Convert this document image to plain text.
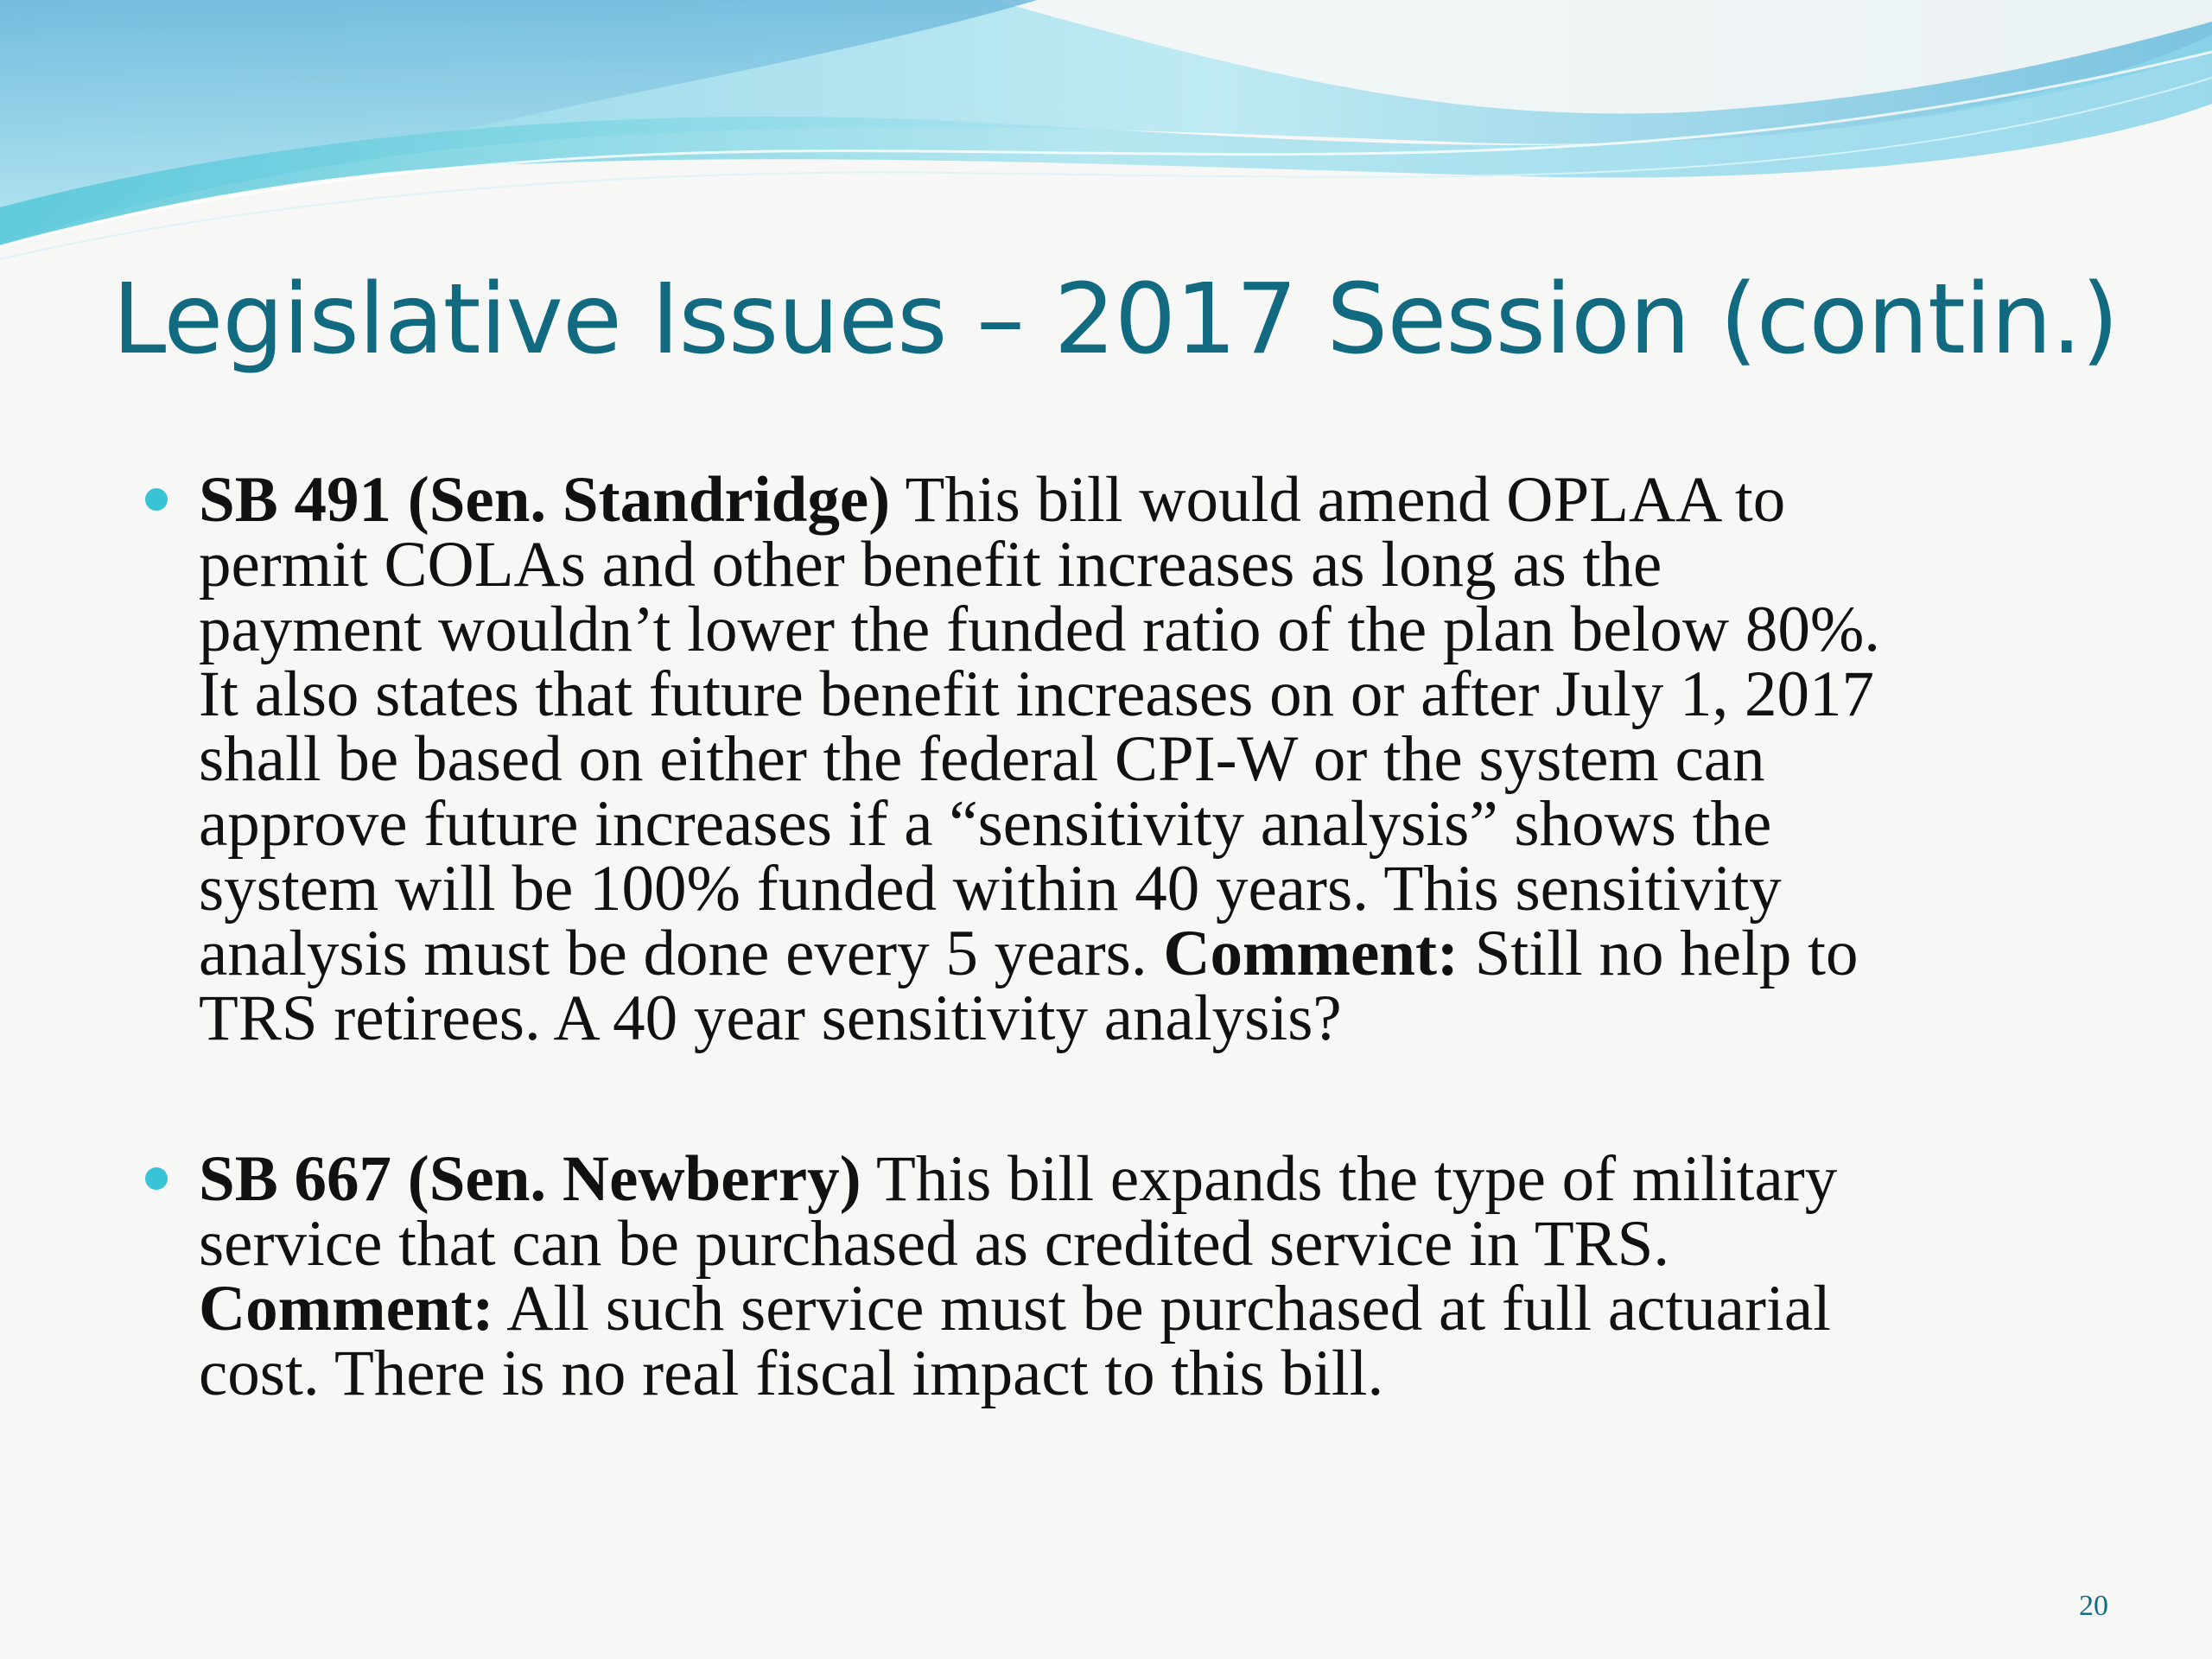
Legislative Issues – 2017 Session (contin.)
SB 491 (Sen. Standridge) This bill would amend OPLAA to
permit COLAs and other benefit increases as long as the
payment wouldn’t lower the funded ratio of the plan below 80%.
It also states that future benefit increases on or after July 1, 2017
shall be based on either the federal CPI-W or the system can
approve future increases if a “sensitivity analysis” shows the
system will be 100% funded within 40 years. This sensitivity
analysis must be done every 5 years. Comment: Still no help to
TRS retirees. A 40 year sensitivity analysis?
SB 667 (Sen. Newberry) This bill expands the type of military
service that can be purchased as credited service in TRS.
Comment: All such service must be purchased at full actuarial
cost. There is no real fiscal impact to this bill.
20
